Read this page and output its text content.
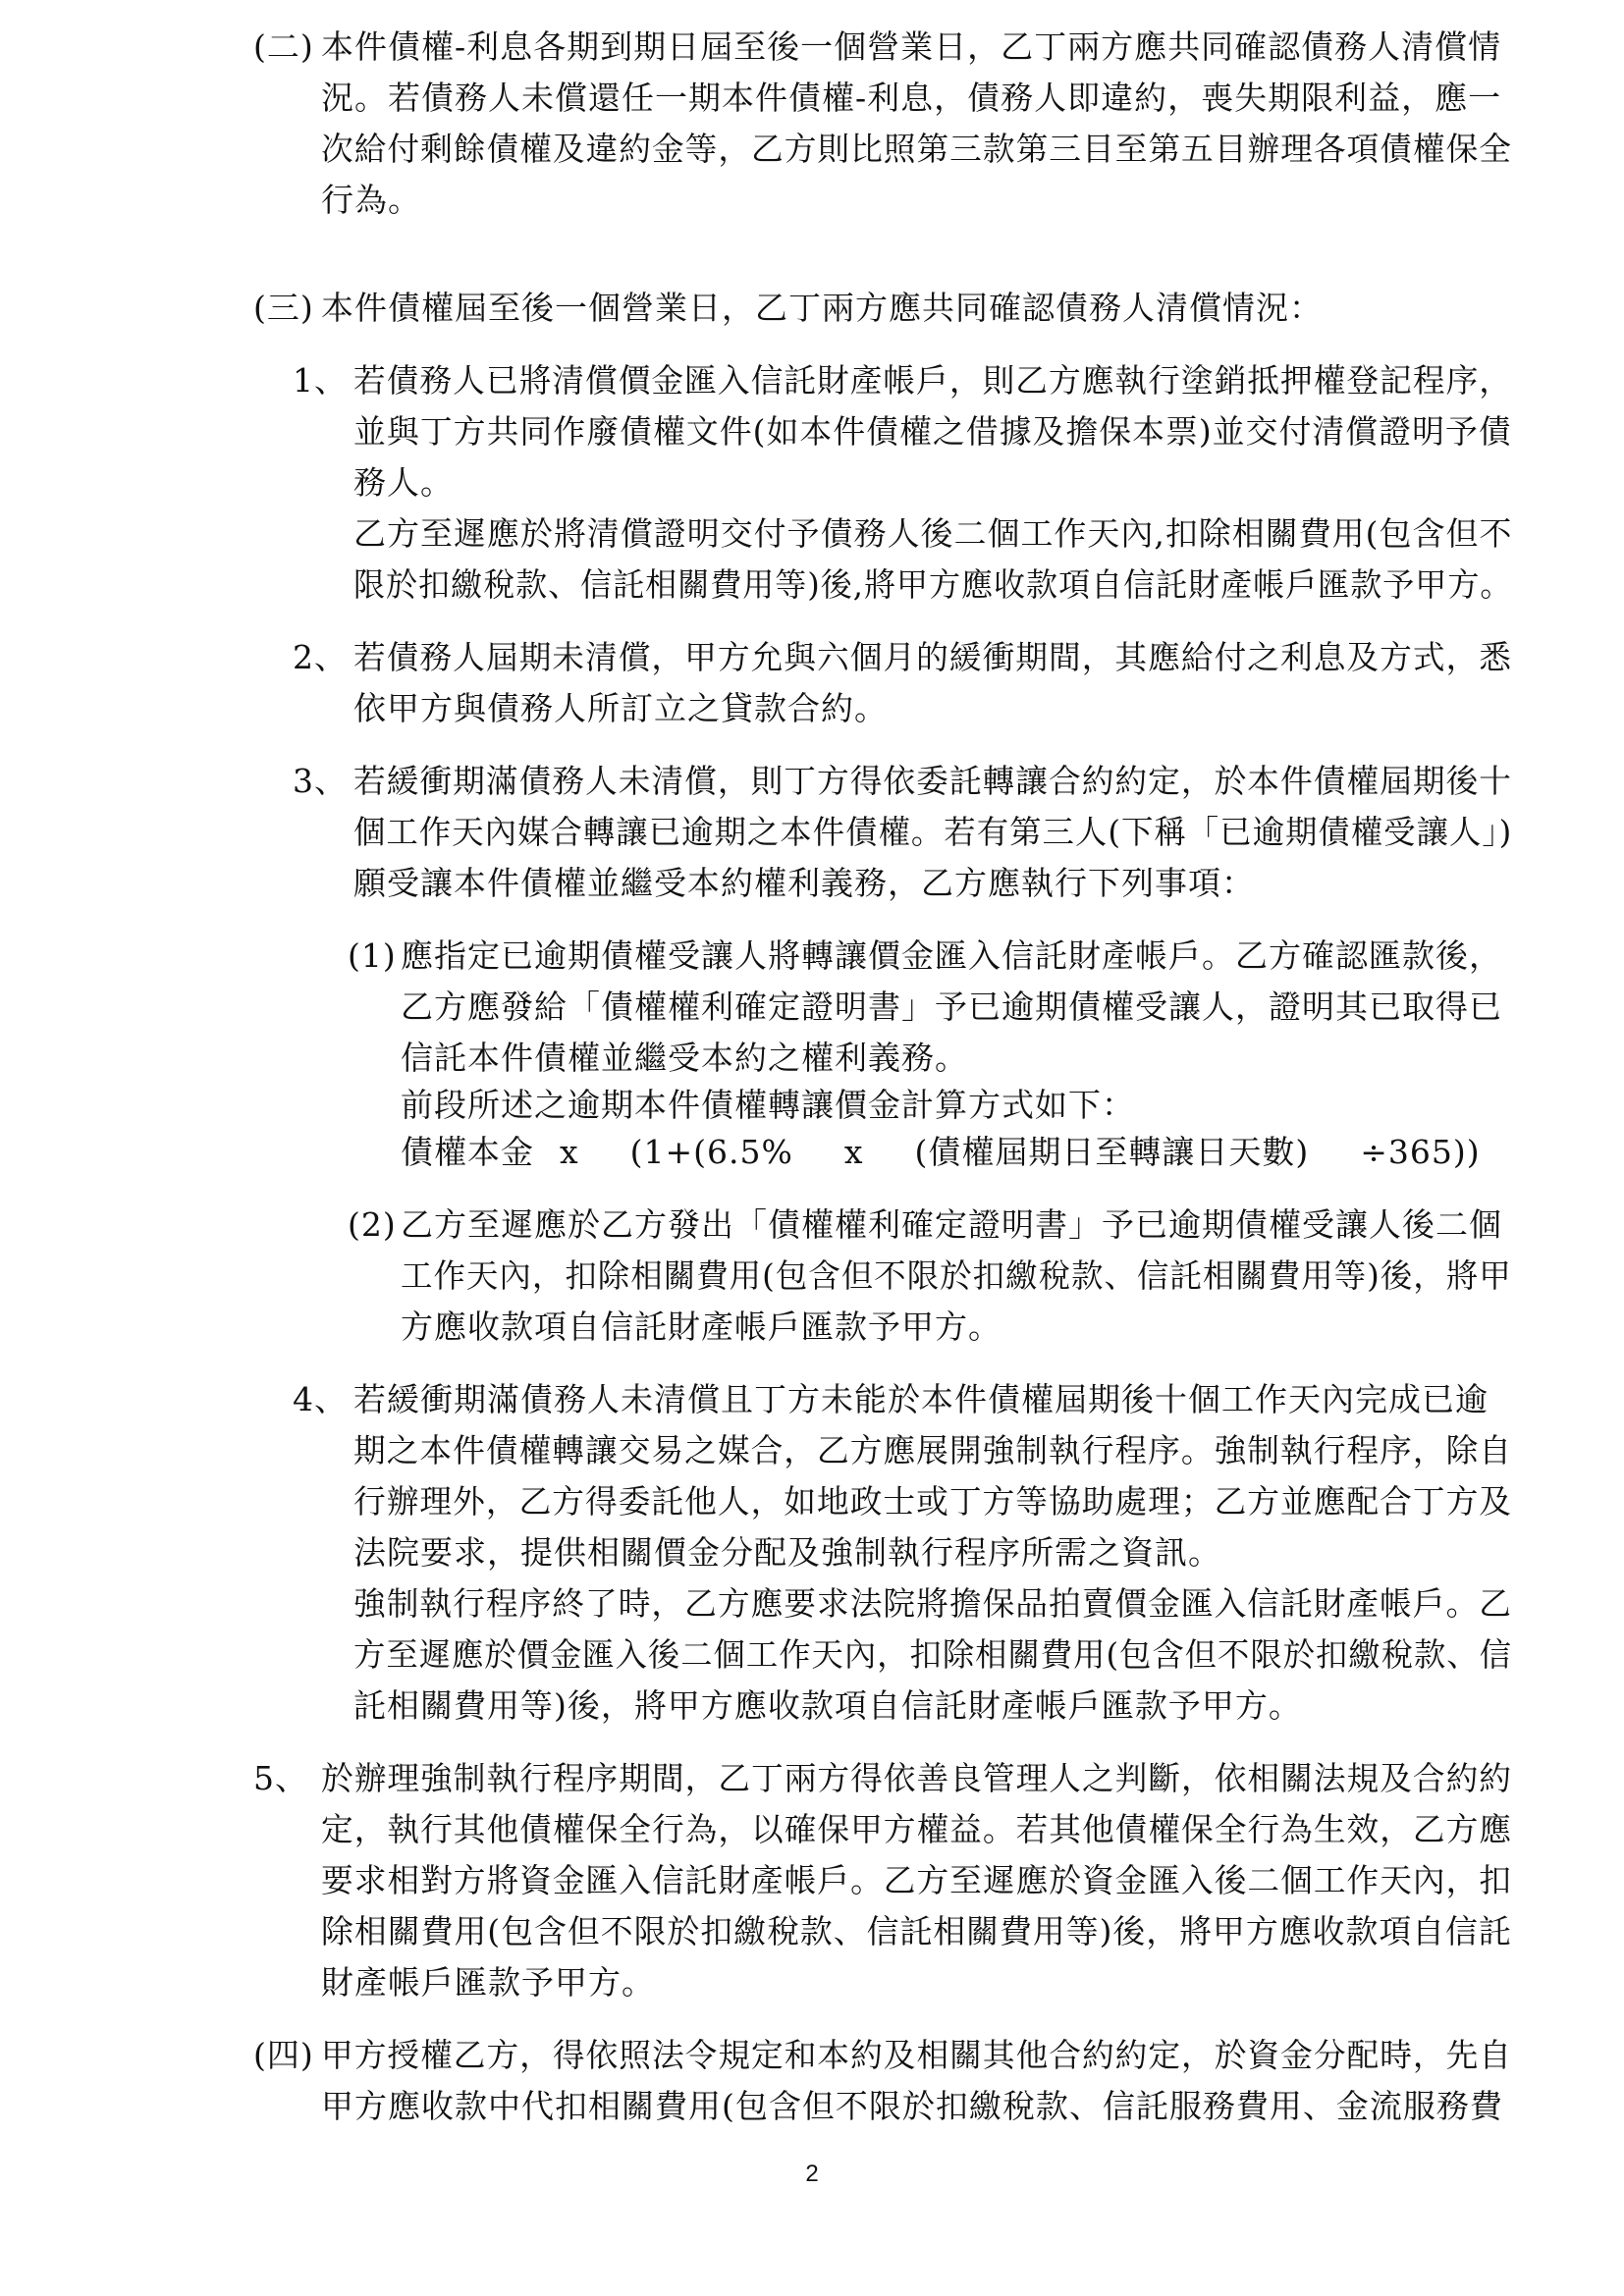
(二) 本件債權-利息各期到期日屆至後一個營業日，乙丁兩方應共同確認債務人清償情
況。若債務人未償還任一期本件債權-利息，債務人即違約，喪失期限利益，應一
次給付剩餘債權及違約金等，乙方則比照第三款第三目至第五目辦理各項債權保全
行為。
(三) 本件債權屆至後一個營業日，乙丁兩方應共同確認債務人清償情況：
1、 若債務人已將清償價金匯入信託財產帳戶，則乙方應執行塗銷抵押權登記程序，
並與丁方共同作廢債權文件(如本件債權之借據及擔保本票)並交付清償證明予債
務人。
乙方至遲應於將清償證明交付予債務人後二個工作天內,扣除相關費用(包含但不
限於扣繳稅款、信託相關費用等)後,將甲方應收款項自信託財產帳戶匯款予甲方。
2、 若債務人屆期未清償，甲方允與六個月的緩衝期間，其應給付之利息及方式，悉
依甲方與債務人所訂立之貸款合約。
3、 若緩衝期滿債務人未清償，則丁方得依委託轉讓合約約定，於本件債權屆期後十
個工作天內媒合轉讓已逾期之本件債權。若有第三人(下稱「已逾期債權受讓人」)
願受讓本件債權並繼受本約權利義務，乙方應執行下列事項：
(1) 應指定已逾期債權受讓人將轉讓價金匯入信託財產帳戶。乙方確認匯款後，
乙方應發給「債權權利確定證明書」予已逾期債權受讓人，證明其已取得已
信託本件債權並繼受本約之權利義務。
前段所述之逾期本件債權轉讓價金計算方式如下：
債權本金 x (1+(6.5% x (債權屆期日至轉讓日天數) ÷365))
(2) 乙方至遲應於乙方發出「債權權利確定證明書」予已逾期債權受讓人後二個
工作天內，扣除相關費用(包含但不限於扣繳稅款、信託相關費用等)後，將甲
方應收款項自信託財產帳戶匯款予甲方。
4、 若緩衝期滿債務人未清償且丁方未能於本件債權屆期後十個工作天內完成已逾
期之本件債權轉讓交易之媒合，乙方應展開強制執行程序。強制執行程序，除自
行辦理外，乙方得委託他人，如地政士或丁方等協助處理；乙方並應配合丁方及
法院要求，提供相關價金分配及強制執行程序所需之資訊。
強制執行程序終了時，乙方應要求法院將擔保品拍賣價金匯入信託財產帳戶。乙
方至遲應於價金匯入後二個工作天內，扣除相關費用(包含但不限於扣繳稅款、信
託相關費用等)後，將甲方應收款項自信託財產帳戶匯款予甲方。
5、 於辦理強制執行程序期間，乙丁兩方得依善良管理人之判斷，依相關法規及合約約
定，執行其他債權保全行為，以確保甲方權益。若其他債權保全行為生效，乙方應
要求相對方將資金匯入信託財產帳戶。乙方至遲應於資金匯入後二個工作天內，扣
除相關費用(包含但不限於扣繳稅款、信託相關費用等)後，將甲方應收款項自信託
財產帳戶匯款予甲方。
(四) 甲方授權乙方，得依照法令規定和本約及相關其他合約約定，於資金分配時，先自
甲方應收款中代扣相關費用(包含但不限於扣繳稅款、信託服務費用、金流服務費
2
